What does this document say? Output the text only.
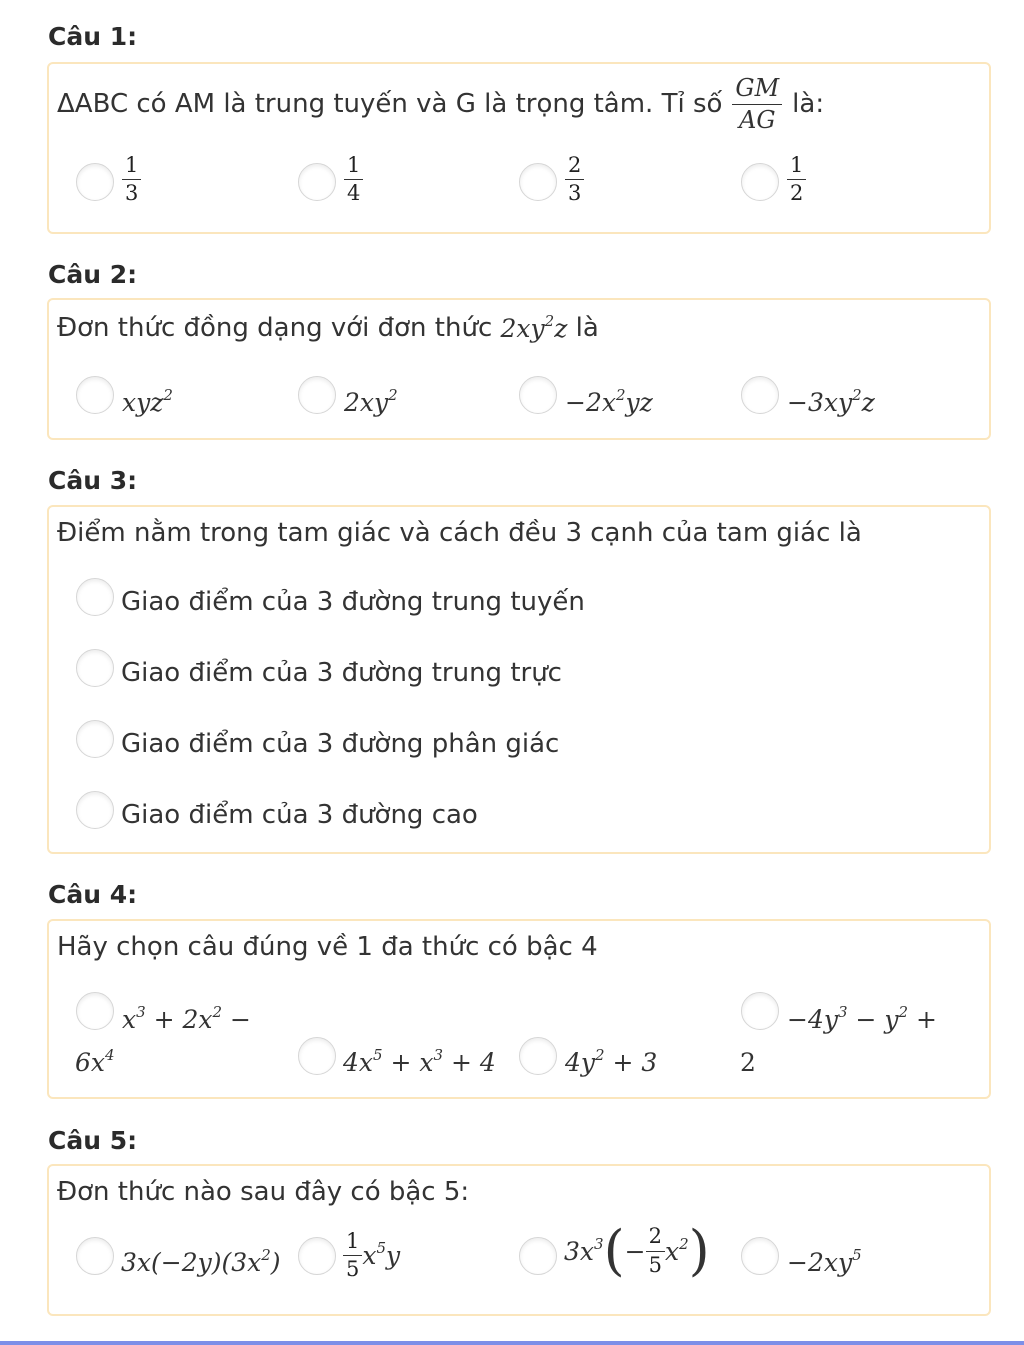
Câu 1:
ΔABC có AM là trung tuyến và G là trọng tâm. Tỉ số $\frac{GM}{AG}$ là:
$\frac{1}{3}$	$\frac{1}{4}$	$\frac{2}{3}$	$\frac{1}{2}$
Câu 2:
Đơn thức đồng dạng với đơn thức
$2xy^2z$
là
xyz$^2$	$2xy^2$	$-2x^2yz$	$-3xy^2z$
Câu 3:
Điểm nằm trong tam giác và cách đều 3 cạnh của tam giác là
Giao điểm của 3 đường trung tuyến
Giao điểm của 3 đường trung trực
Giao điểm của 3 đường phân giác
Giao điểm của 3 đường cao
Câu 4:
Hãy chọn câu đúng về 1 đa thức có bậc 4
$x^3 + 2x^2$ −
$6x^4$	$4x^5 + x^3 + 4$	$4y^2 + 3$
$-4y^3 - y^2$ +
2
Câu 5:
Đơn thức nào sau đây có bậc 5:
$3x(-2y)(3x^2)$	$\frac{1}{5} x^5y$	$3x^3$ ( − $\frac{2}{5} x^2$ )	$-2xy^5$
